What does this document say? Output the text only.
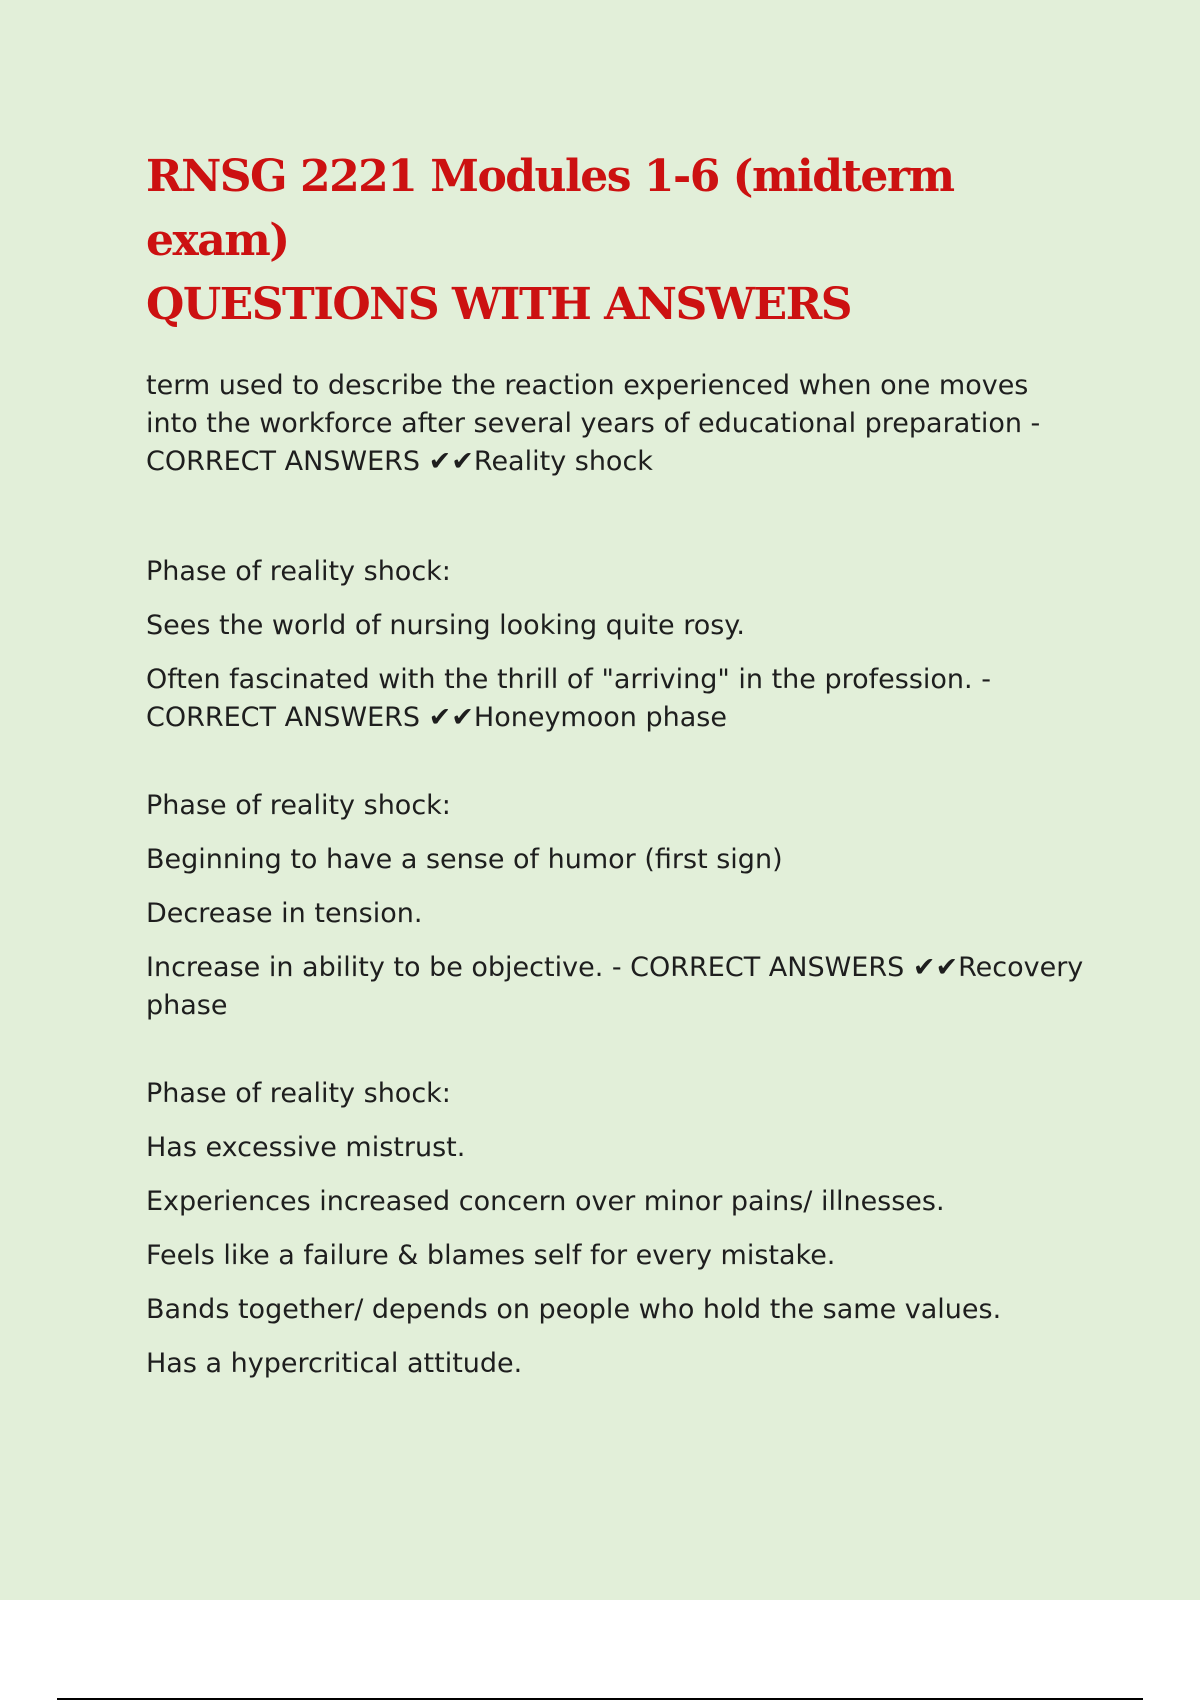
RNSG 2221 Modules 1-6 (midterm exam)
QUESTIONS WITH ANSWERS

term used to describe the reaction experienced when one moves into the workforce after several years of educational preparation - CORRECT ANSWERS ✔✔Reality shock

Phase of reality shock:

Sees the world of nursing looking quite rosy.

Often fascinated with the thrill of "arriving" in the profession. - CORRECT ANSWERS ✔✔Honeymoon phase

Phase of reality shock:

Beginning to have a sense of humor (first sign)

Decrease in tension.

Increase in ability to be objective. - CORRECT ANSWERS ✔✔Recovery phase

Phase of reality shock:

Has excessive mistrust.

Experiences increased concern over minor pains/ illnesses.

Feels like a failure & blames self for every mistake.

Bands together/ depends on people who hold the same values.

Has a hypercritical attitude.
